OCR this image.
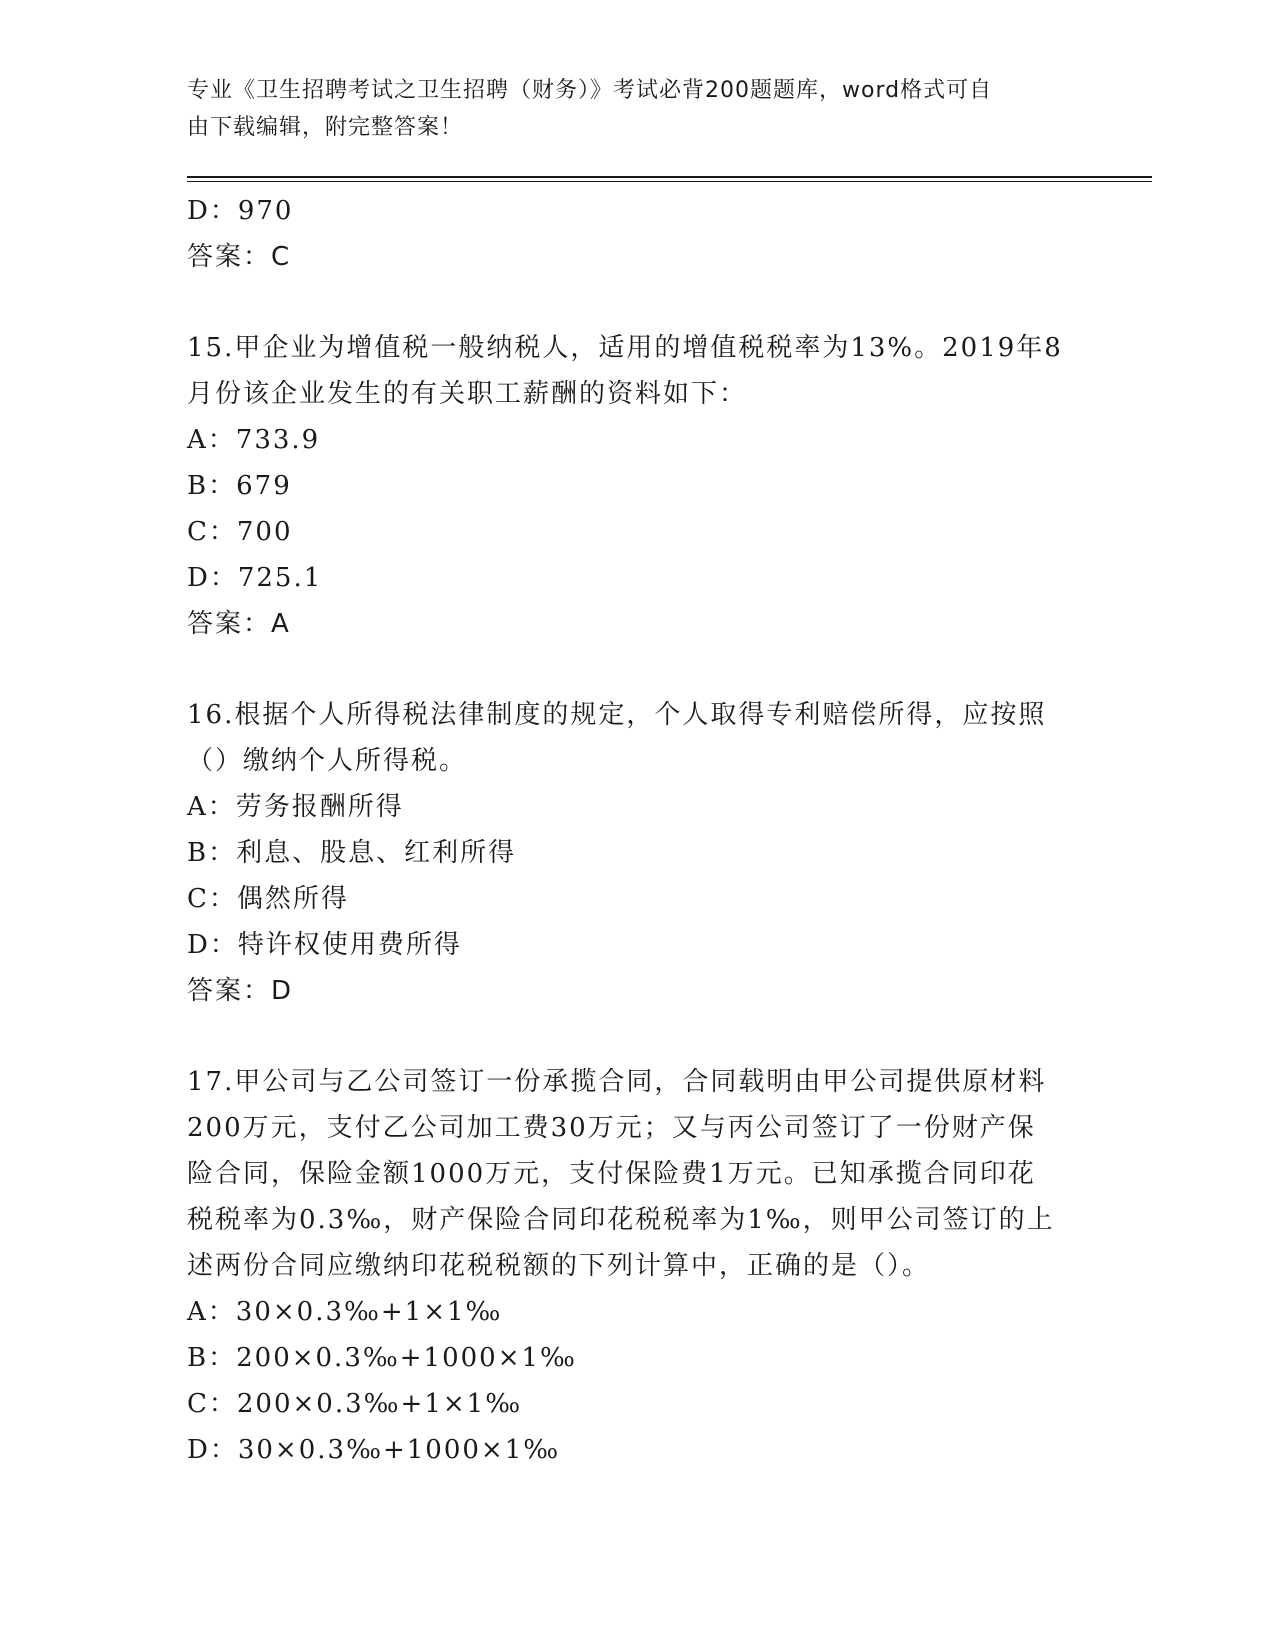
专业《卫生招聘考试之卫生招聘（财务）》考试必背200题题库，word格式可自
由下载编辑，附完整答案！
D：970
答案：C
15.甲企业为增值税一般纳税人，适用的增值税税率为13%。2019年8
月份该企业发生的有关职工薪酬的资料如下：
A：733.9
B：679
C：700
D：725.1
答案：A
16.根据个人所得税法律制度的规定，个人取得专利赔偿所得，应按照
（）缴纳个人所得税。
A：劳务报酬所得
B：利息、股息、红利所得
C：偶然所得
D：特许权使用费所得
答案：D
17.甲公司与乙公司签订一份承揽合同，合同载明由甲公司提供原材料
200万元，支付乙公司加工费30万元；又与丙公司签订了一份财产保
险合同，保险金额1000万元，支付保险费1万元。已知承揽合同印花
税税率为0.3‰，财产保险合同印花税税率为1‰，则甲公司签订的上
述两份合同应缴纳印花税税额的下列计算中，正确的是（）。
A：30×0.3‰+1×1‰
B：200×0.3‰+1000×1‰
C：200×0.3‰+1×1‰
D：30×0.3‰+1000×1‰
